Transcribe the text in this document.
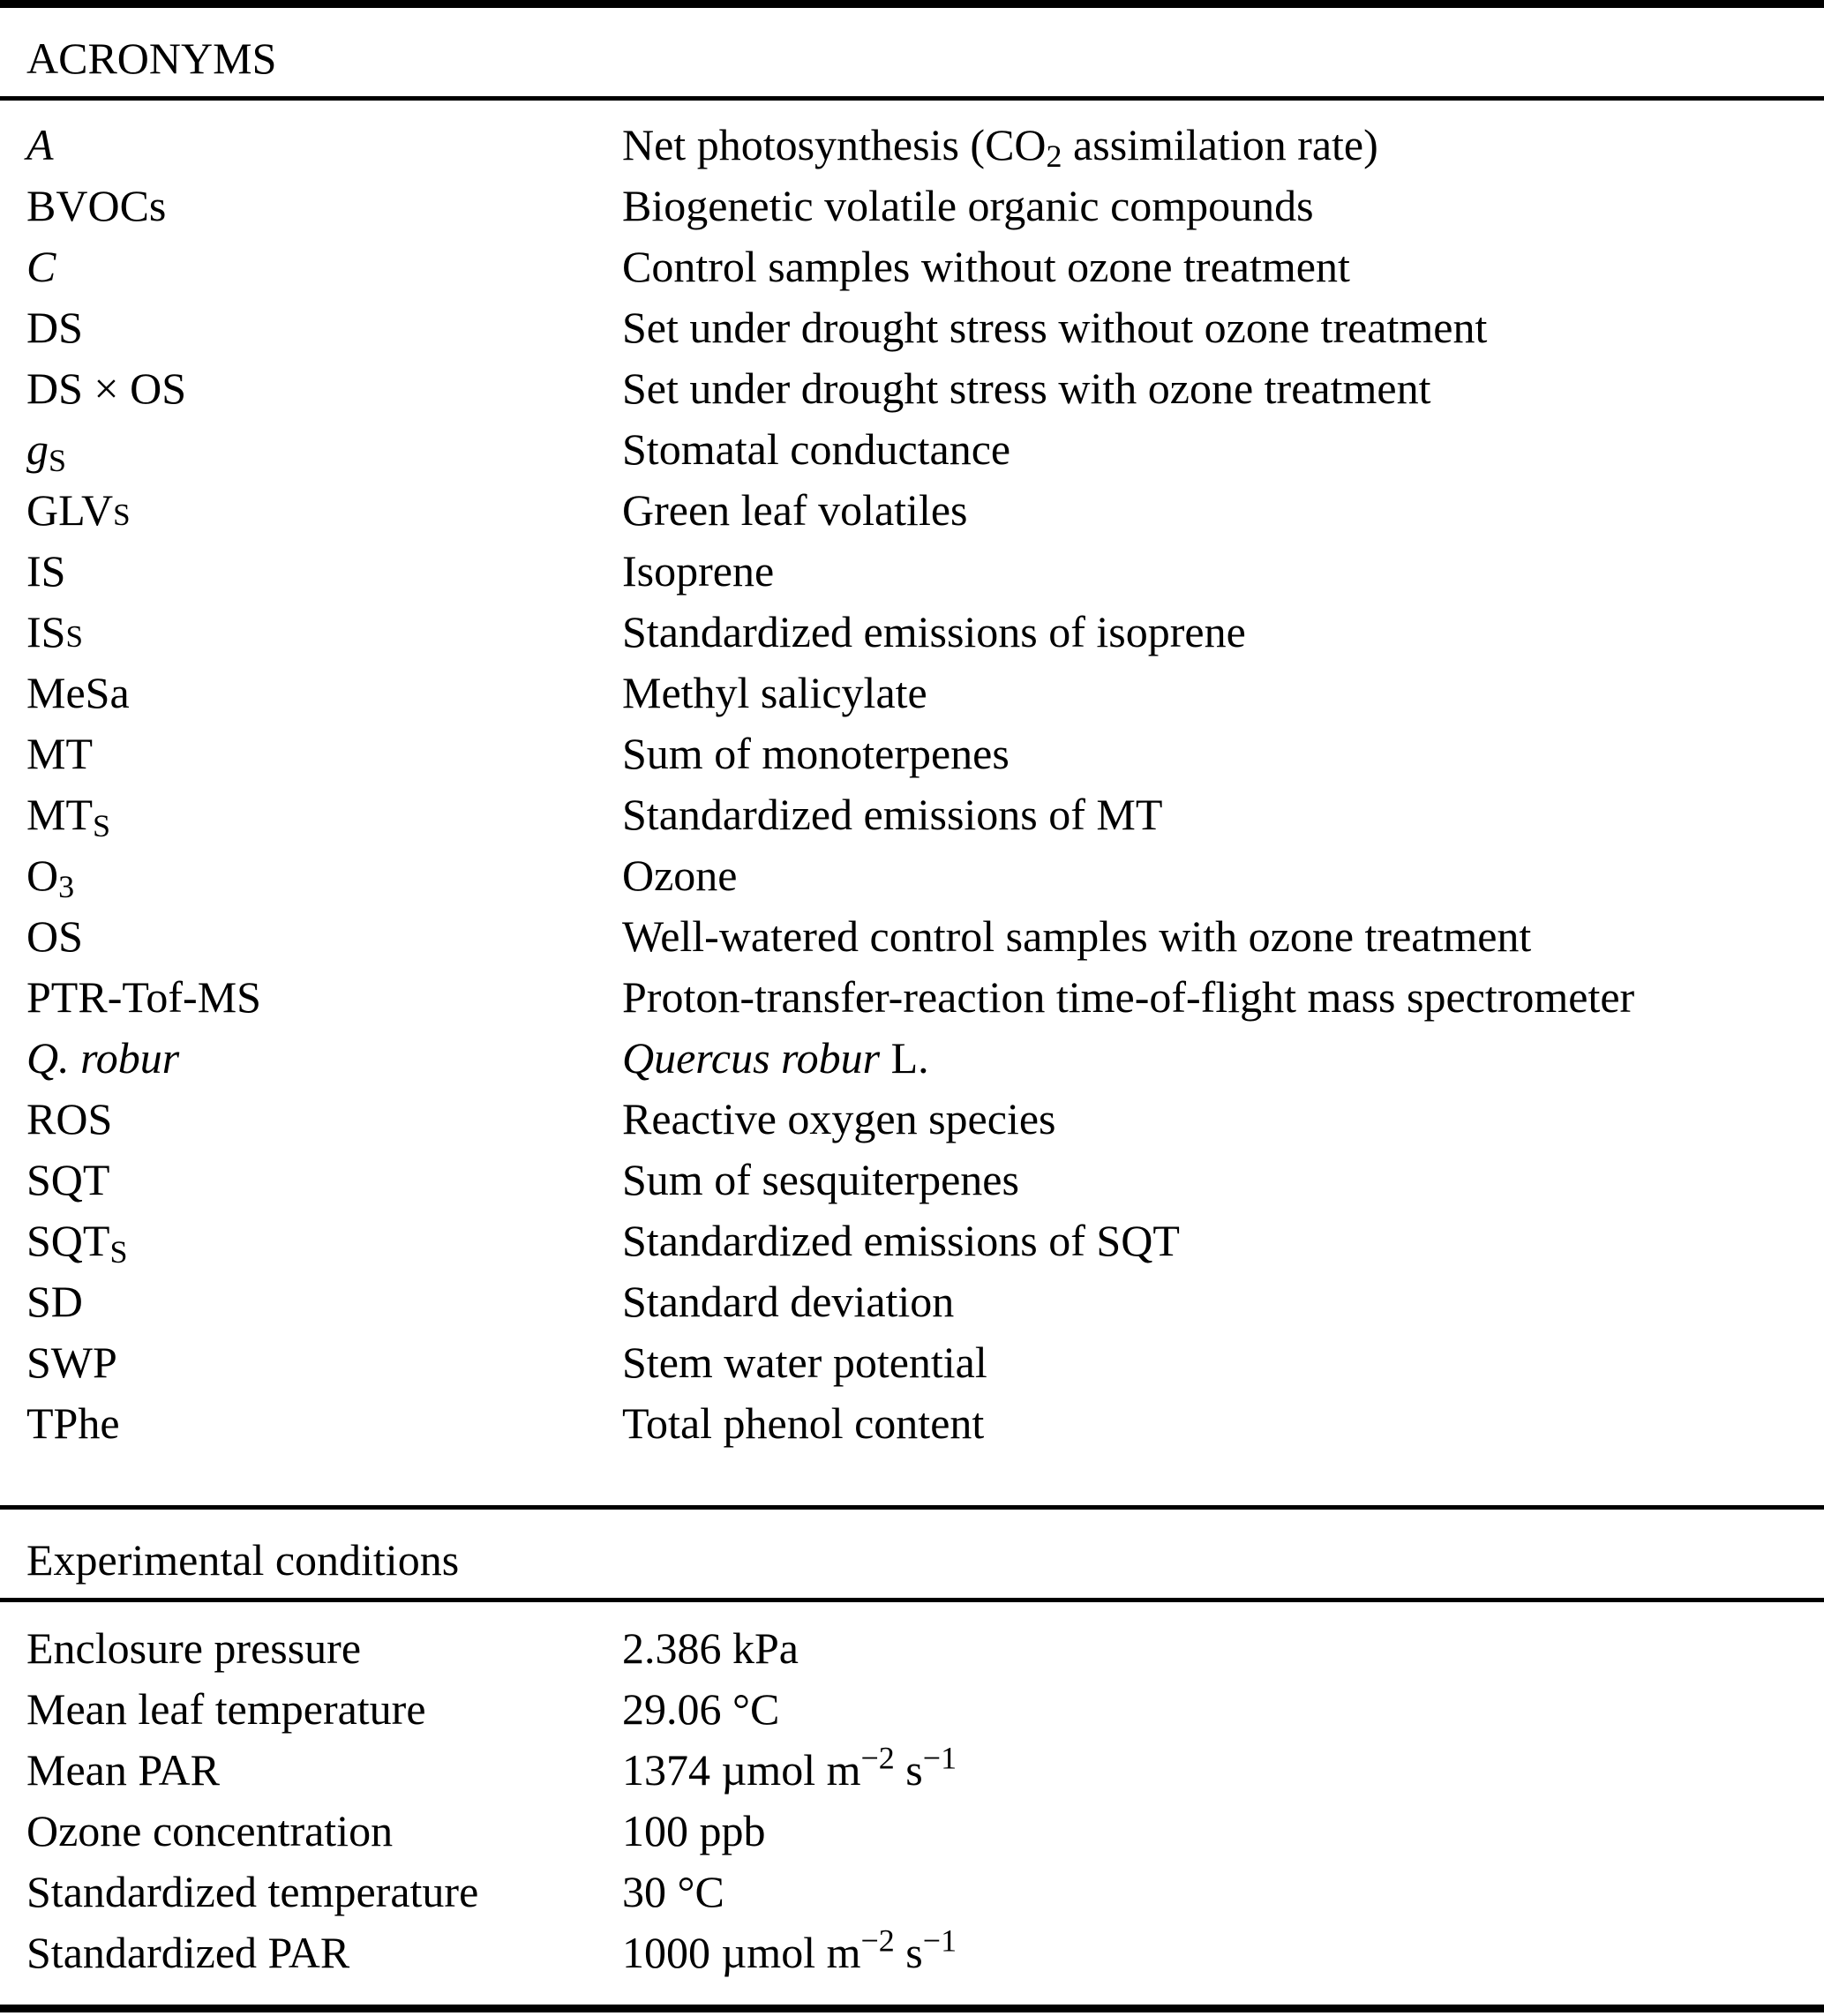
ACRONYMS
A	Net photosynthesis (CO2 assimilation rate)
BVOCs	Biogenetic volatile organic compounds
C	Control samples without ozone treatment
DS	Set under drought stress without ozone treatment
DS × OS	Set under drought stress with ozone treatment
gS	Stomatal conductance
GLVs	Green leaf volatiles
IS	Isoprene
ISs	Standardized emissions of isoprene
MeSa	Methyl salicylate
MT	Sum of monoterpenes
MTS	Standardized emissions of MT
O3	Ozone
OS	Well-watered control samples with ozone treatment
PTR-Tof-MS	Proton-transfer-reaction time-of-flight mass spectrometer
Q. robur	Quercus robur L.
ROS	Reactive oxygen species
SQT	Sum of sesquiterpenes
SQTS	Standardized emissions of SQT
SD	Standard deviation
SWP	Stem water potential
TPhe	Total phenol content
Experimental conditions
Enclosure pressure	2.386 kPa
Mean leaf temperature	29.06 °C
Mean PAR	1374 µmol $m^{-2}$ $s^{-1}$
Ozone concentration	100 ppb
Standardized temperature	30 °C
Standardized PAR	1000 µmol $m^{-2}$ $s^{-1}$
